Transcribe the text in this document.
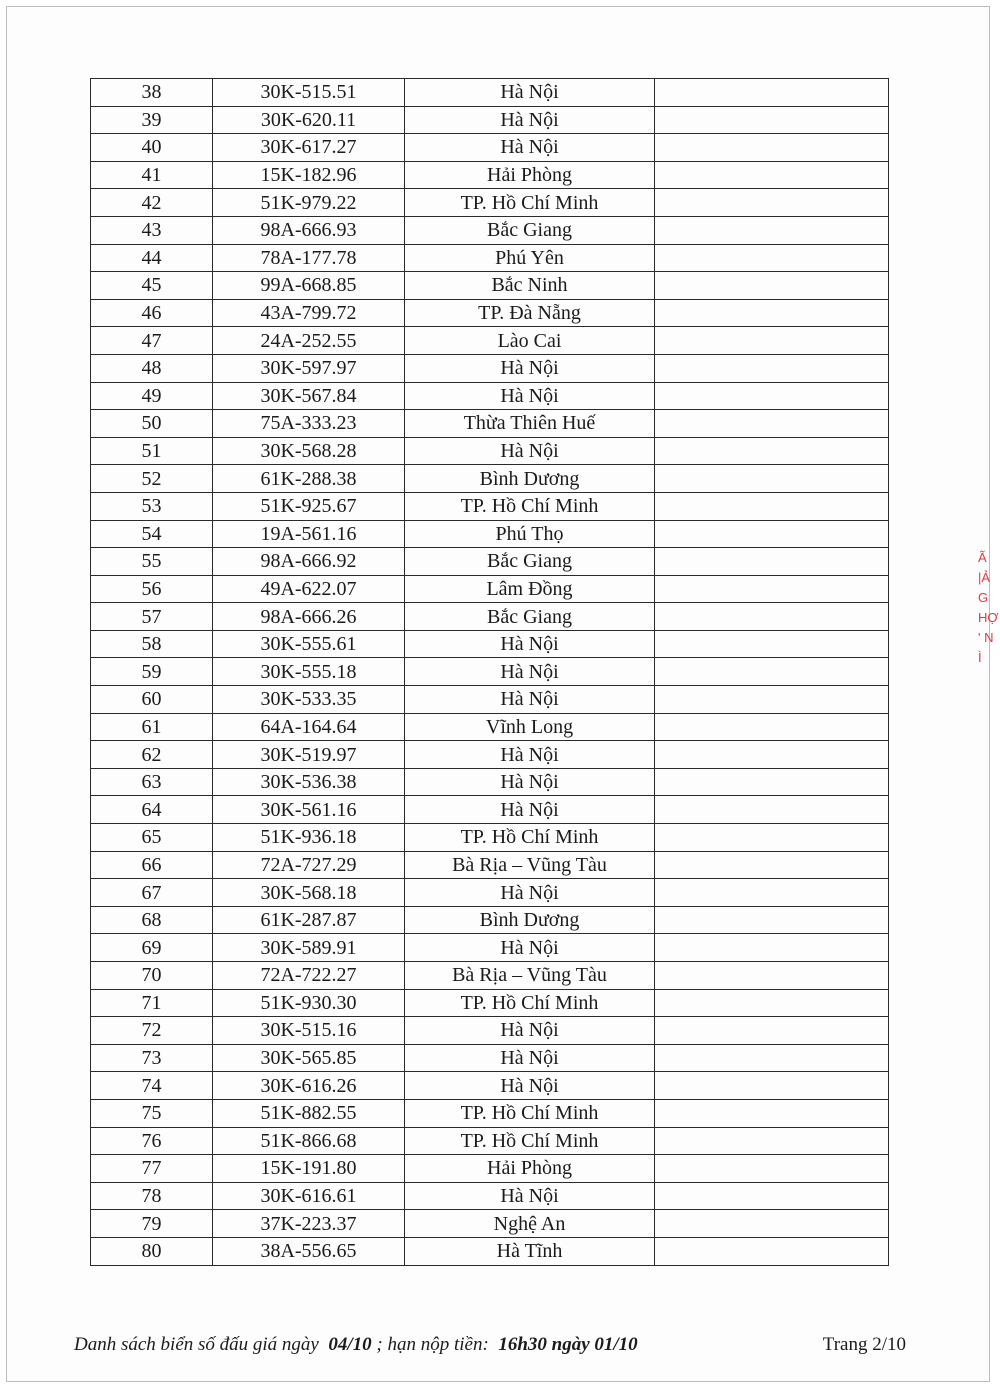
38	30K-515.51	Hà Nội	
39	30K-620.11	Hà Nội	
40	30K-617.27	Hà Nội	
41	15K-182.96	Hải Phòng	
42	51K-979.22	TP. Hồ Chí Minh	
43	98A-666.93	Bắc Giang	
44	78A-177.78	Phú Yên	
45	99A-668.85	Bắc Ninh	
46	43A-799.72	TP. Đà Nẵng	
47	24A-252.55	Lào Cai	
48	30K-597.97	Hà Nội	
49	30K-567.84	Hà Nội	
50	75A-333.23	Thừa Thiên Huế	
51	30K-568.28	Hà Nội	
52	61K-288.38	Bình Dương	
53	51K-925.67	TP. Hồ Chí Minh	
54	19A-561.16	Phú Thọ	
55	98A-666.92	Bắc Giang	
56	49A-622.07	Lâm Đồng	
57	98A-666.26	Bắc Giang	
58	30K-555.61	Hà Nội	
59	30K-555.18	Hà Nội	
60	30K-533.35	Hà Nội	
61	64A-164.64	Vĩnh Long	
62	30K-519.97	Hà Nội	
63	30K-536.38	Hà Nội	
64	30K-561.16	Hà Nội	
65	51K-936.18	TP. Hồ Chí Minh	
66	72A-727.29	Bà Rịa – Vũng Tàu	
67	30K-568.18	Hà Nội	
68	61K-287.87	Bình Dương	
69	30K-589.91	Hà Nội	
70	72A-722.27	Bà Rịa – Vũng Tàu	
71	51K-930.30	TP. Hồ Chí Minh	
72	30K-515.16	Hà Nội	
73	30K-565.85	Hà Nội	
74	30K-616.26	Hà Nội	
75	51K-882.55	TP. Hồ Chí Minh	
76	51K-866.68	TP. Hồ Chí Minh	
77	15K-191.80	Hải Phòng	
78	30K-616.61	Hà Nội	
79	37K-223.37	Nghệ An	
80	38A-556.65	Hà Tĩnh	
Ã
|Ả
G
HỢ
' N
Ì
Danh sách biển số đấu giá ngày 04/10 ; hạn nộp tiền: 16h30 ngày 01/10	Trang 2/10
